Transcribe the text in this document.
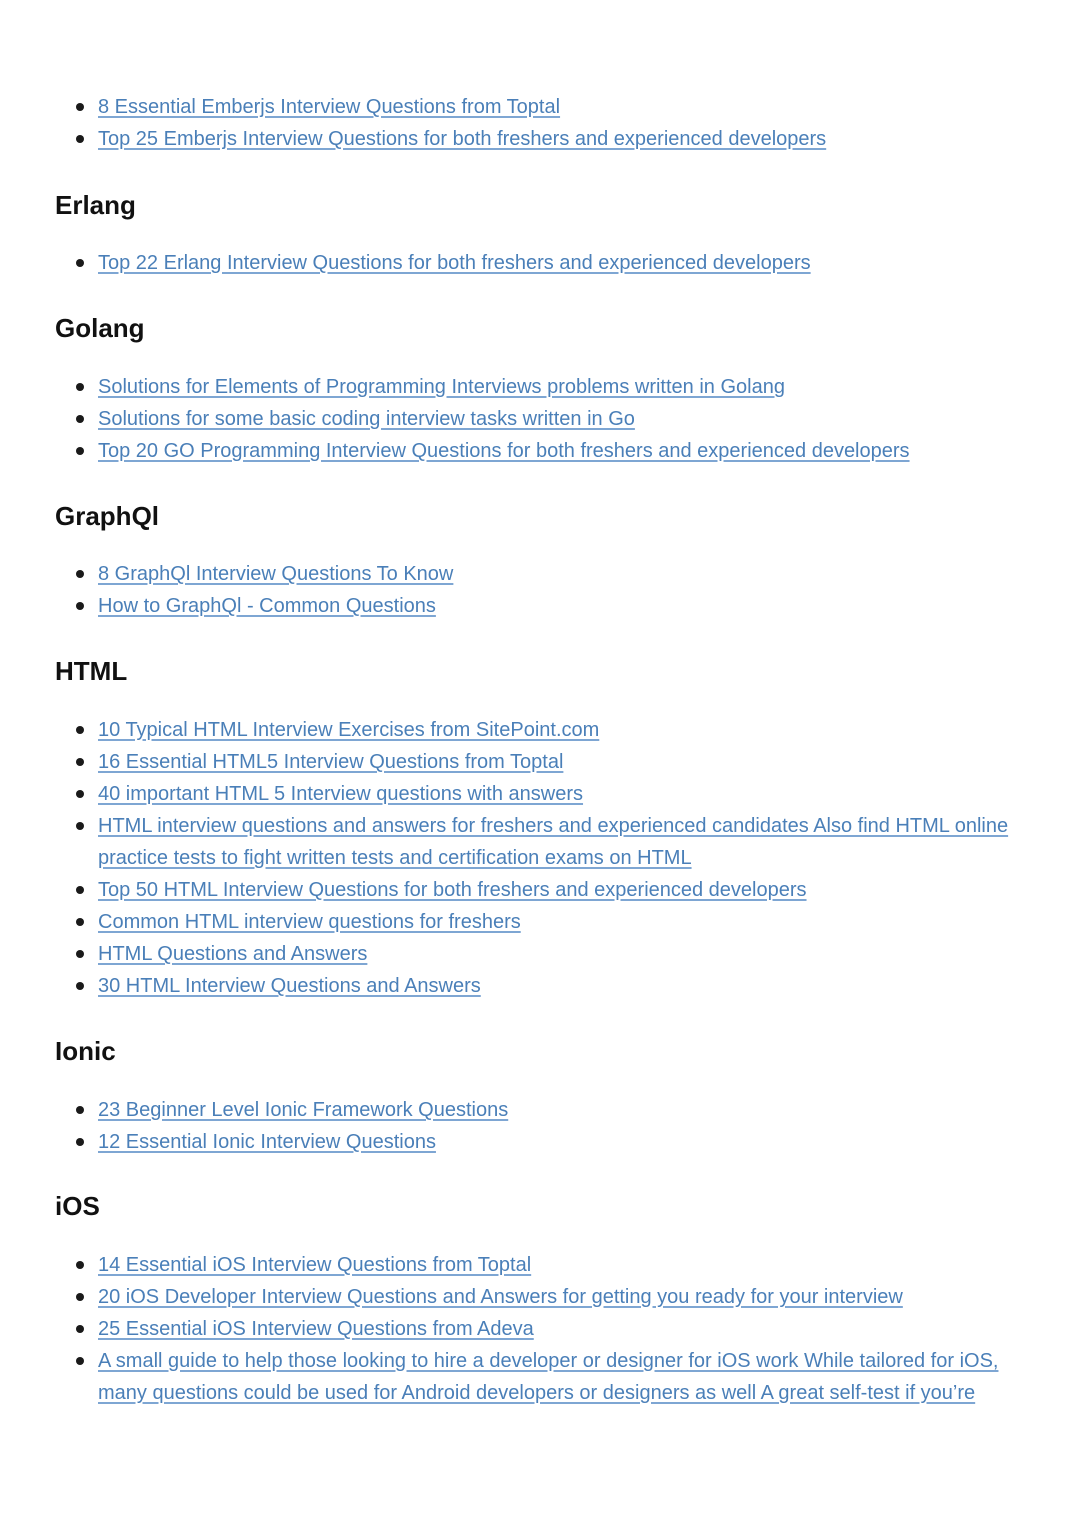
8 Essential Emberjs Interview Questions from Toptal
Top 25 Emberjs Interview Questions for both freshers and experienced developers
Erlang
Top 22 Erlang Interview Questions for both freshers and experienced developers
Golang
Solutions for Elements of Programming Interviews problems written in Golang
Solutions for some basic coding interview tasks written in Go
Top 20 GO Programming Interview Questions for both freshers and experienced developers
GraphQl
8 GraphQl Interview Questions To Know
How to GraphQl - Common Questions
HTML
10 Typical HTML Interview Exercises from SitePoint.com
16 Essential HTML5 Interview Questions from Toptal
40 important HTML 5 Interview questions with answers
HTML interview questions and answers for freshers and experienced candidates Also find HTML online practice tests to fight written tests and certification exams on HTML
Top 50 HTML Interview Questions for both freshers and experienced developers
Common HTML interview questions for freshers
HTML Questions and Answers
30 HTML Interview Questions and Answers
Ionic
23 Beginner Level Ionic Framework Questions
12 Essential Ionic Interview Questions
iOS
14 Essential iOS Interview Questions from Toptal
20 iOS Developer Interview Questions and Answers for getting you ready for your interview
25 Essential iOS Interview Questions from Adeva
A small guide to help those looking to hire a developer or designer for iOS work While tailored for iOS, many questions could be used for Android developers or designers as well A great self-test if you’re
